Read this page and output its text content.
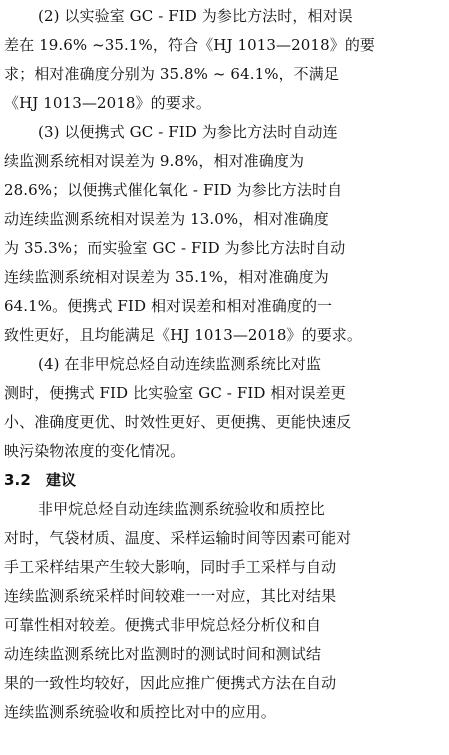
(2) 以实验室 GC - FID 为参比方法时，相对误
差在 19.6% ~35.1%，符合《HJ 1013—2018》的要
求；相对准确度分别为 35.8% ~ 64.1%，不满足
《HJ 1013—2018》的要求。
(3) 以便携式 GC - FID 为参比方法时自动连
续监测系统相对误差为 9.8%，相对准确度为
28.6%；以便携式催化氧化 - FID 为参比方法时自
动连续监测系统相对误差为 13.0%，相对准确度
为 35.3%；而实验室 GC - FID 为参比方法时自动
连续监测系统相对误差为 35.1%，相对准确度为
64.1%。便携式 FID 相对误差和相对准确度的一
致性更好，且均能满足《HJ 1013—2018》的要求。
(4) 在非甲烷总烃自动连续监测系统比对监
测时，便携式 FID 比实验室 GC - FID 相对误差更
小、准确度更优、时效性更好、更便携、更能快速反
映污染物浓度的变化情况。
3.2　建议
非甲烷总烃自动连续监测系统验收和质控比
对时，气袋材质、温度、采样运输时间等因素可能对
手工采样结果产生较大影响，同时手工采样与自动
连续监测系统采样时间较难一一对应，其比对结果
可靠性相对较差。便携式非甲烷总烃分析仪和自
动连续监测系统比对监测时的测试时间和测试结
果的一致性均较好，因此应推广便携式方法在自动
连续监测系统验收和质控比对中的应用。
